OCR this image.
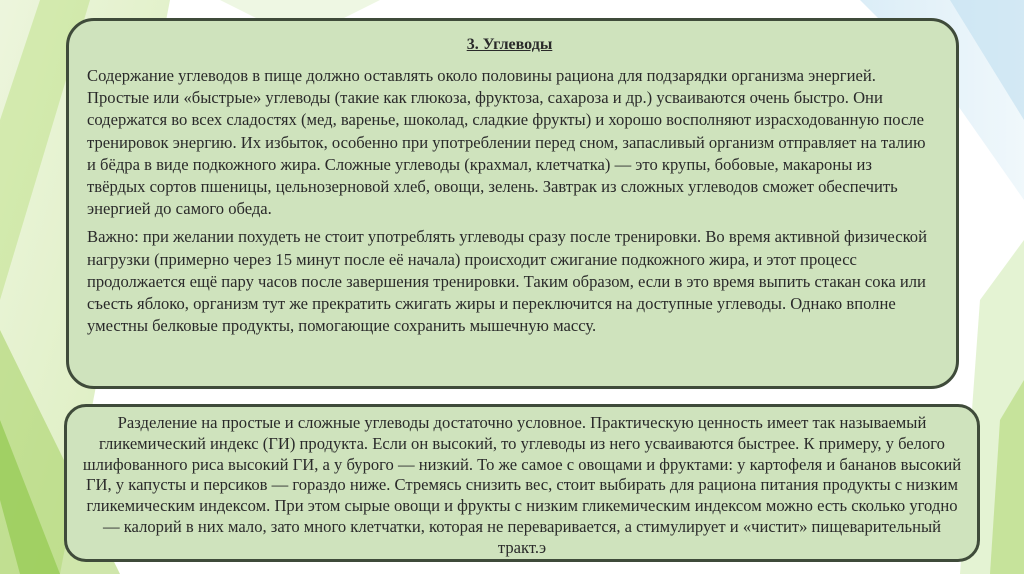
3. Углеводы

Содержание углеводов в пище должно оставлять около половины рациона для подзарядки организма энергией. Простые или «быстрые» углеводы (такие как глюкоза, фруктоза, сахароза и др.) усваиваются очень быстро. Они содержатся во всех сладостях (мед, варенье, шоколад, сладкие фрукты) и хорошо восполняют израсходованную после тренировок энергию. Их избыток, особенно при употреблении перед сном, запасливый организм отправляет на талию и бёдра в виде подкожного жира. Сложные углеводы (крахмал, клетчатка) — это крупы, бобовые, макароны из твёрдых сортов пшеницы, цельнозерновой хлеб, овощи, зелень. Завтрак из сложных углеводов сможет обеспечить энергией до самого обеда.

Важно: при желании похудеть не стоит употреблять углеводы сразу после тренировки. Во время активной физической нагрузки (примерно через 15 минут после её начала) происходит сжигание подкожного жира, и этот процесс продолжается ещё пару часов после завершения тренировки. Таким образом, если в это время выпить стакан сока или съесть яблоко, организм тут же прекратить сжигать жиры и переключится на доступные углеводы. Однако вполне уместны белковые продукты, помогающие сохранить мышечную массу.

Разделение на простые и сложные углеводы достаточно условное. Практическую ценность имеет так называемый гликемический индекс (ГИ) продукта. Если он высокий, то углеводы из него усваиваются быстрее. К примеру, у белого шлифованного риса высокий ГИ, а у бурого — низкий. То же самое с овощами и фруктами: у картофеля и бананов высокий ГИ, у капусты и персиков — гораздо ниже. Стремясь снизить вес, стоит выбирать для рациона питания продукты с низким гликемическим индексом. При этом сырые овощи и фрукты с низким гликемическим индексом можно есть сколько угодно — калорий в них мало, зато много клетчатки, которая не переваривается, а стимулирует и «чистит» пищеварительный тракт.э
